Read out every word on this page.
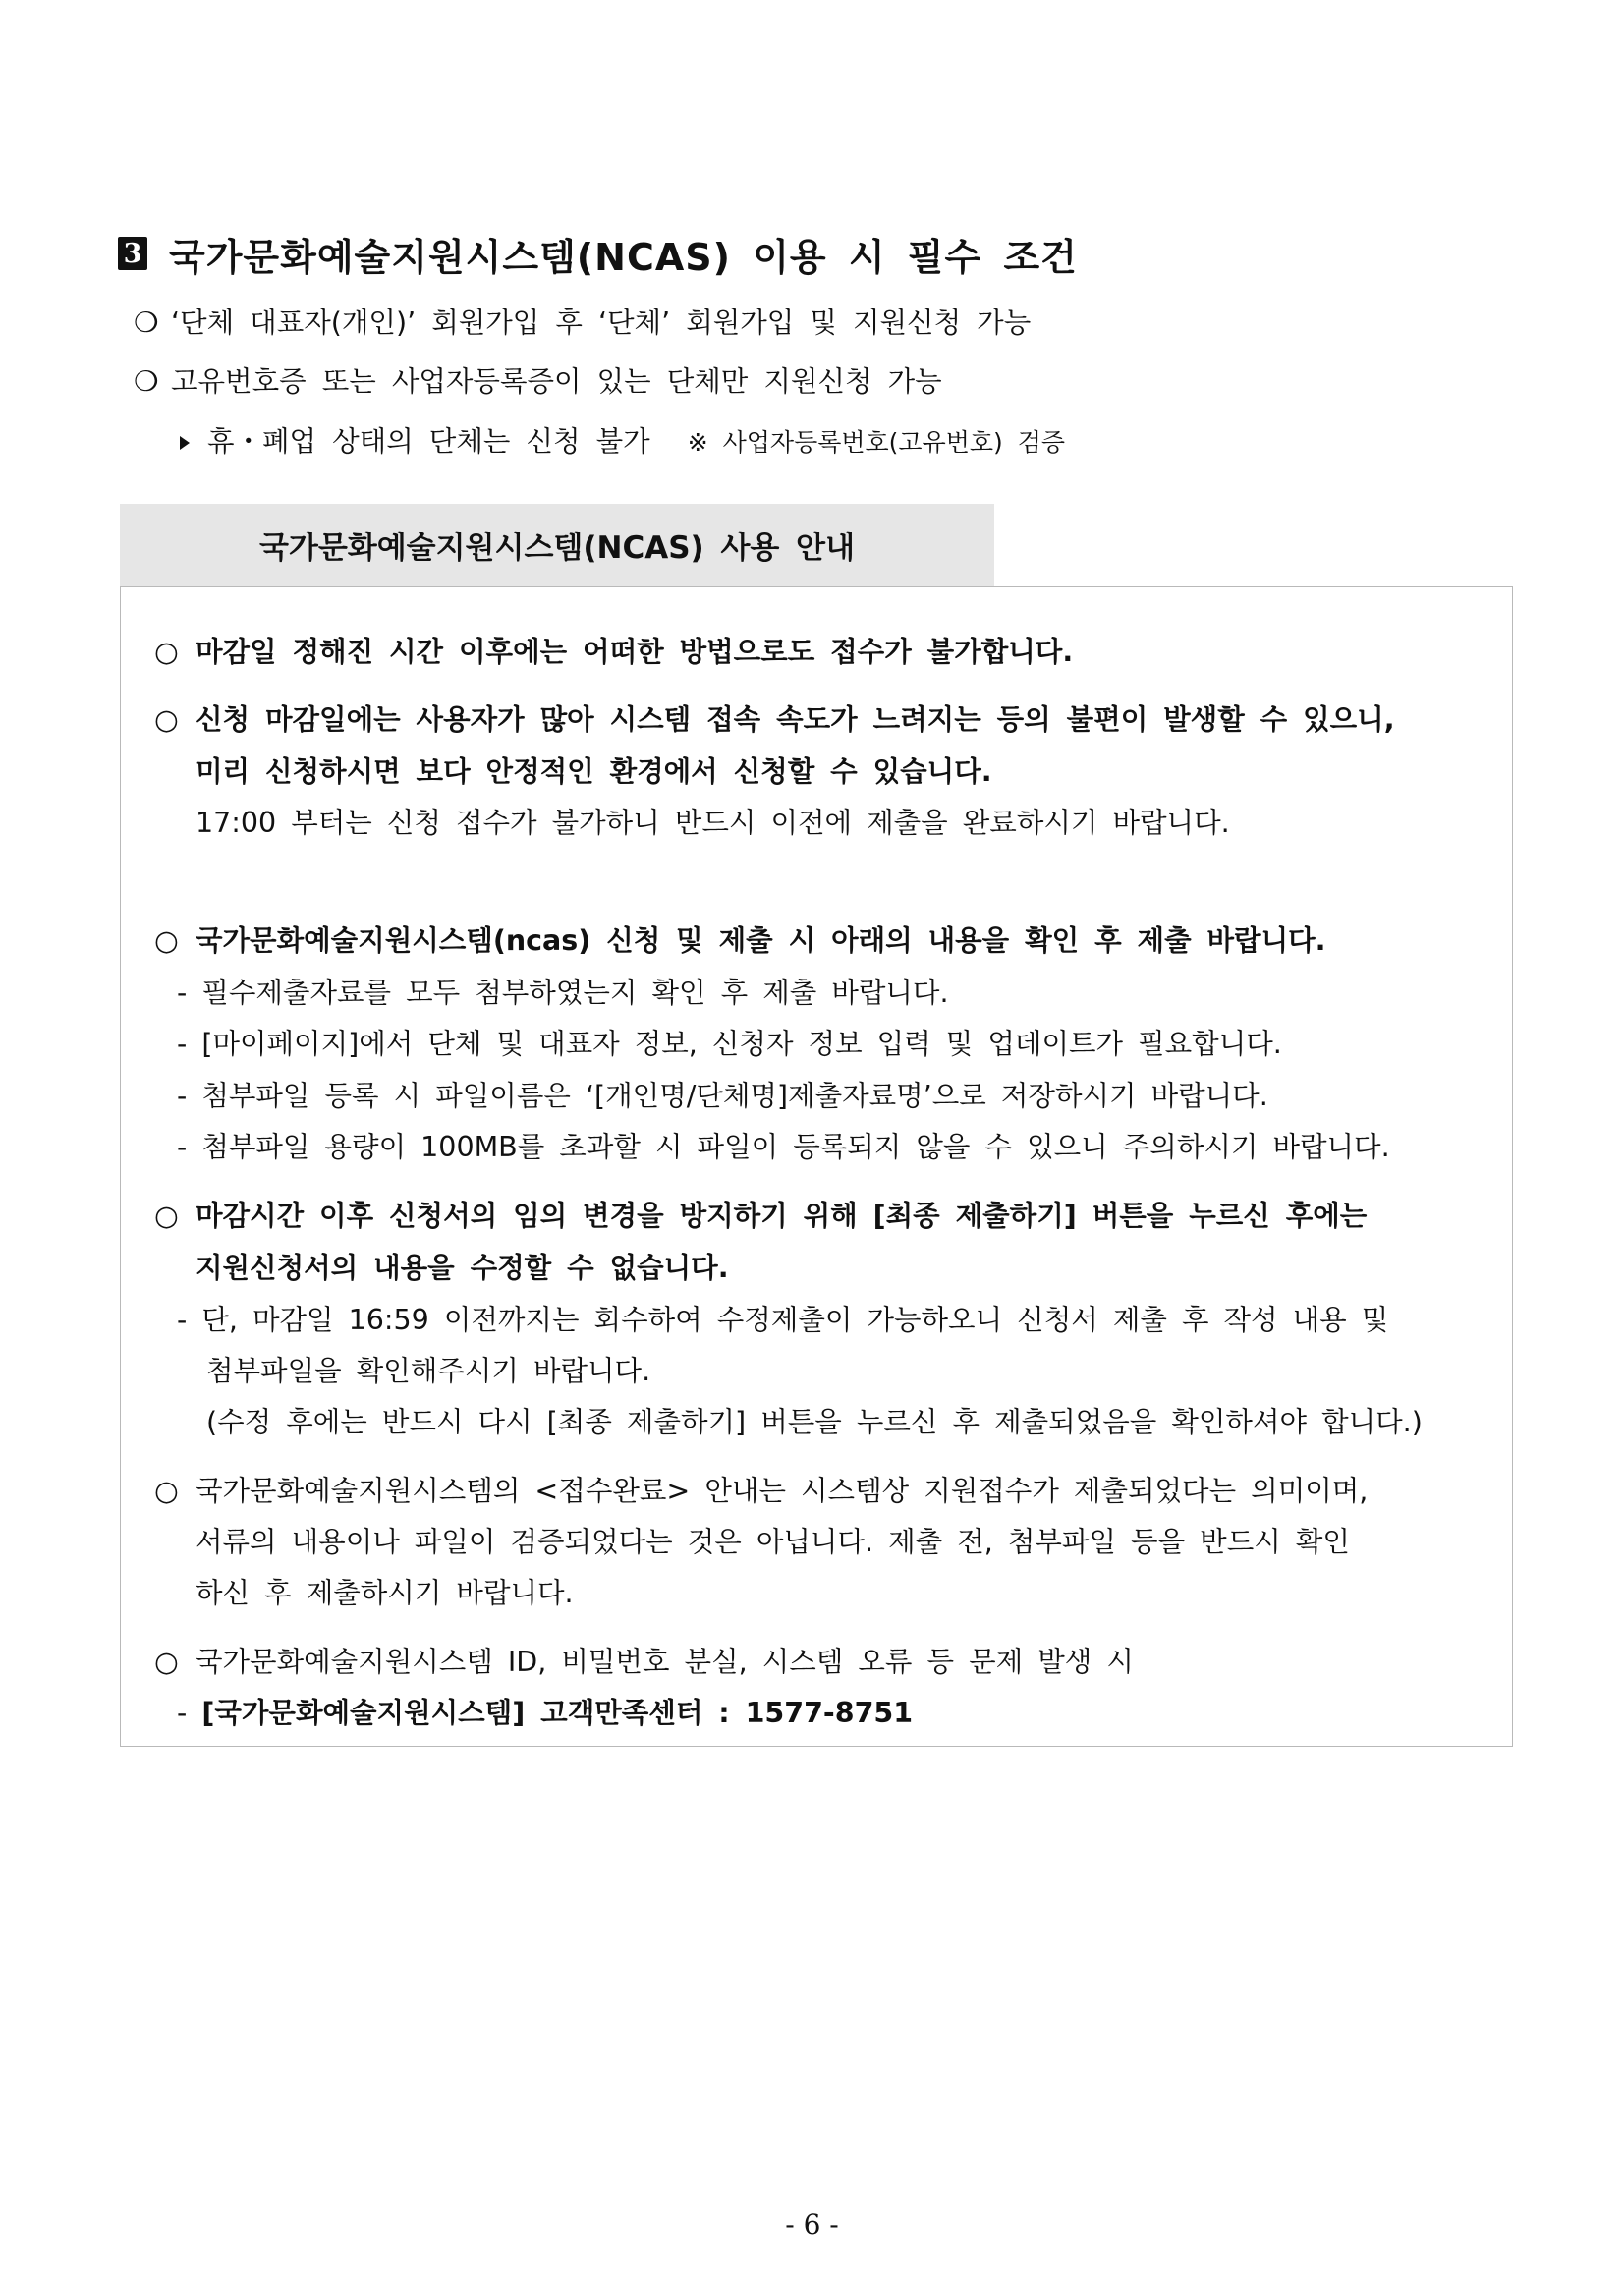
3 국가문화예술지원시스템(NCAS) 이용 시 필수 조건
❍ ‘단체 대표자(개인)’ 회원가입 후 ‘단체’ 회원가입 및 지원신청 가능
❍ 고유번호증 또는 사업자등록증이 있는 단체만 지원신청 가능
휴・폐업 상태의 단체는 신청 불가 ※ 사업자등록번호(고유번호) 검증
국가문화예술지원시스템(NCAS) 사용 안내
○ 마감일 정해진 시간 이후에는 어떠한 방법으로도 접수가 불가합니다.
○ 신청 마감일에는 사용자가 많아 시스템 접속 속도가 느려지는 등의 불편이 발생할 수 있으니,
미리 신청하시면 보다 안정적인 환경에서 신청할 수 있습니다.
17:00 부터는 신청 접수가 불가하니 반드시 이전에 제출을 완료하시기 바랍니다.
○ 국가문화예술지원시스템(ncas) 신청 및 제출 시 아래의 내용을 확인 후 제출 바랍니다.
- 필수제출자료를 모두 첨부하였는지 확인 후 제출 바랍니다.
- [마이페이지]에서 단체 및 대표자 정보, 신청자 정보 입력 및 업데이트가 필요합니다.
- 첨부파일 등록 시 파일이름은 ‘[개인명/단체명]제출자료명’으로 저장하시기 바랍니다.
- 첨부파일 용량이 100MB를 초과할 시 파일이 등록되지 않을 수 있으니 주의하시기 바랍니다.
○ 마감시간 이후 신청서의 임의 변경을 방지하기 위해 [최종 제출하기] 버튼을 누르신 후에는
지원신청서의 내용을 수정할 수 없습니다.
- 단, 마감일 16:59 이전까지는 회수하여 수정제출이 가능하오니 신청서 제출 후 작성 내용 및
첨부파일을 확인해주시기 바랍니다.
(수정 후에는 반드시 다시 [최종 제출하기] 버튼을 누르신 후 제출되었음을 확인하셔야 합니다.)
○ 국가문화예술지원시스템의 <접수완료> 안내는 시스템상 지원접수가 제출되었다는 의미이며,
서류의 내용이나 파일이 검증되었다는 것은 아닙니다. 제출 전, 첨부파일 등을 반드시 확인
하신 후 제출하시기 바랍니다.
○ 국가문화예술지원시스템 ID, 비밀번호 분실, 시스템 오류 등 문제 발생 시
- [국가문화예술지원시스템] 고객만족센터 : 1577-8751
- 6 -
